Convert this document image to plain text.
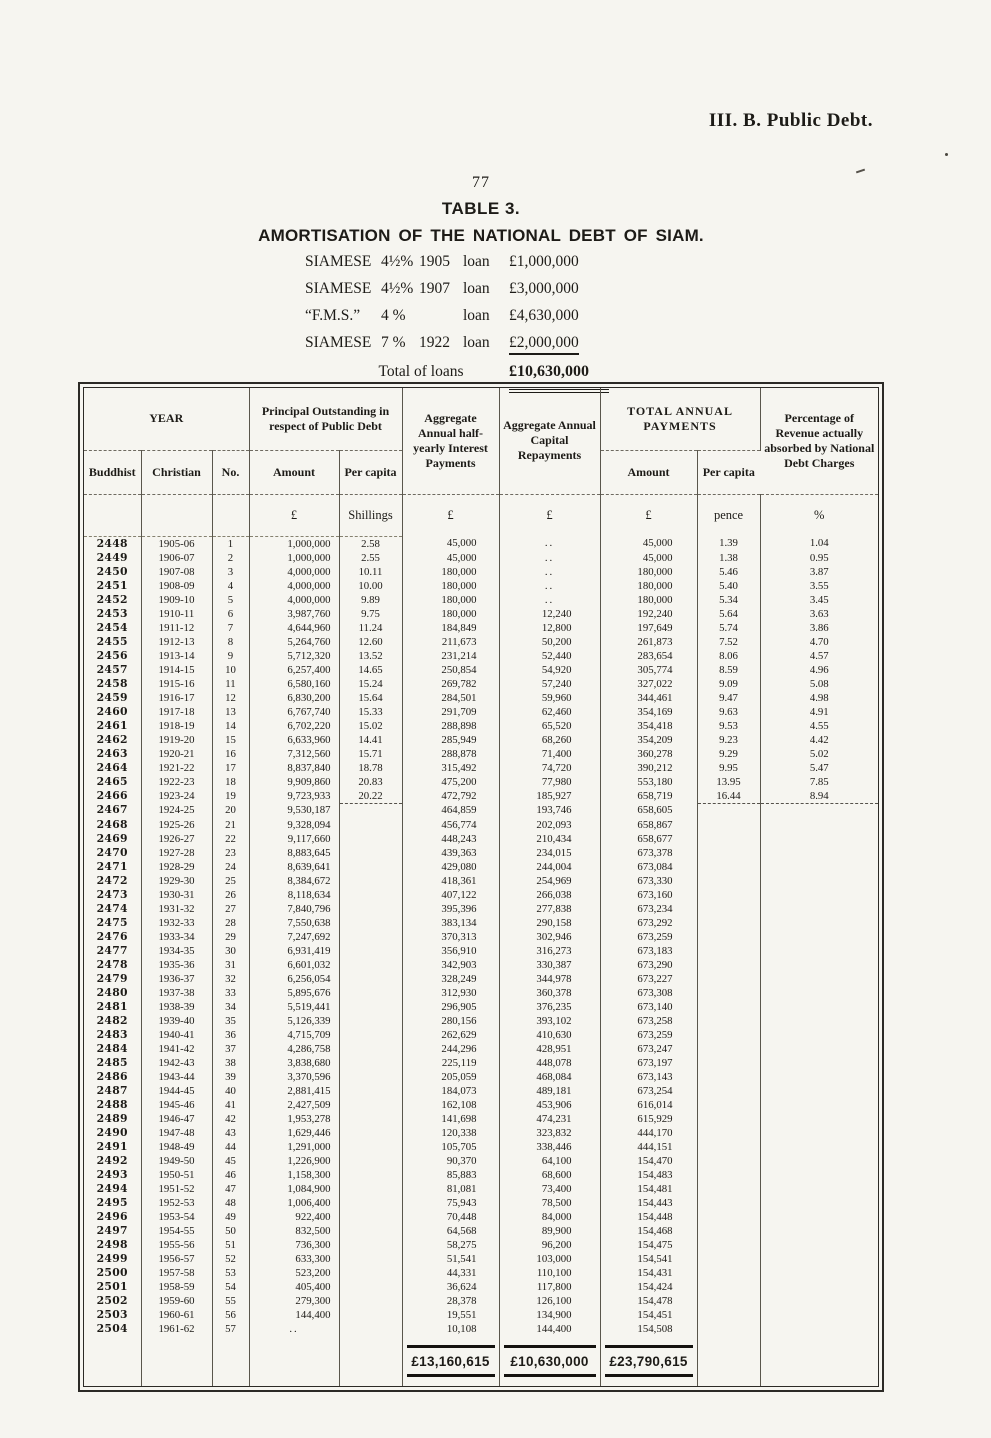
III. B. Public Debt.
77
TABLE 3.
AMORTISATION OF THE NATIONAL DEBT OF SIAM.
SIAMESE 4½% 1905 loan	£1,000,000
SIAMESE 4½% 1907 loan	£3,000,000
“F.M.S.”	4 %	loan	£4,630,000
SIAMESE 7 % 1922 loan	£2,000,000
Total of loans	£10,630,000
YEAR			Principal Outstanding in respect of Public Debt		Aggregate Annual half-yearly Interest Payments	Aggregate Annual Capital Repayments	TOTAL ANNUAL PAYMENTS		Percentage of Revenue actually absorbed by National Debt Charges
Buddhist	Christian	No.	Amount	Per capita			Amount	Per capita	
			£	Shillings	£	£	£	pence	%
2448	1905-06	1	1,000,000	2.58	45,000	..	45,000	1.39	1.04
2449	1906-07	2	1,000,000	2.55	45,000	..	45,000	1.38	0.95
2450	1907-08	3	4,000,000	10.11	180,000	..	180,000	5.46	3.87
2451	1908-09	4	4,000,000	10.00	180,000	..	180,000	5.40	3.55
2452	1909-10	5	4,000,000	9.89	180,000	..	180,000	5.34	3.45
2453	1910-11	6	3,987,760	9.75	180,000	12,240	192,240	5.64	3.63
2454	1911-12	7	4,644,960	11.24	184,849	12,800	197,649	5.74	3.86
2455	1912-13	8	5,264,760	12.60	211,673	50,200	261,873	7.52	4.70
2456	1913-14	9	5,712,320	13.52	231,214	52,440	283,654	8.06	4.57
2457	1914-15	10	6,257,400	14.65	250,854	54,920	305,774	8.59	4.96
2458	1915-16	11	6,580,160	15.24	269,782	57,240	327,022	9.09	5.08
2459	1916-17	12	6,830,200	15.64	284,501	59,960	344,461	9.47	4.98
2460	1917-18	13	6,767,740	15.33	291,709	62,460	354,169	9.63	4.91
2461	1918-19	14	6,702,220	15.02	288,898	65,520	354,418	9.53	4.55
2462	1919-20	15	6,633,960	14.41	285,949	68,260	354,209	9.23	4.42
2463	1920-21	16	7,312,560	15.71	288,878	71,400	360,278	9.29	5.02
2464	1921-22	17	8,837,840	18.78	315,492	74,720	390,212	9.95	5.47
2465	1922-23	18	9,909,860	20.83	475,200	77,980	553,180	13.95	7.85
2466	1923-24	19	9,723,933	20.22	472,792	185,927	658,719	16.44	8.94
2467	1924-25	20	9,530,187		464,859	193,746	658,605		
2468	1925-26	21	9,328,094		456,774	202,093	658,867		
2469	1926-27	22	9,117,660		448,243	210,434	658,677		
2470	1927-28	23	8,883,645		439,363	234,015	673,378		
2471	1928-29	24	8,639,641		429,080	244,004	673,084		
2472	1929-30	25	8,384,672		418,361	254,969	673,330		
2473	1930-31	26	8,118,634		407,122	266,038	673,160		
2474	1931-32	27	7,840,796		395,396	277,838	673,234		
2475	1932-33	28	7,550,638		383,134	290,158	673,292		
2476	1933-34	29	7,247,692		370,313	302,946	673,259		
2477	1934-35	30	6,931,419		356,910	316,273	673,183		
2478	1935-36	31	6,601,032		342,903	330,387	673,290		
2479	1936-37	32	6,256,054		328,249	344,978	673,227		
2480	1937-38	33	5,895,676		312,930	360,378	673,308		
2481	1938-39	34	5,519,441		296,905	376,235	673,140		
2482	1939-40	35	5,126,339		280,156	393,102	673,258		
2483	1940-41	36	4,715,709		262,629	410,630	673,259		
2484	1941-42	37	4,286,758		244,296	428,951	673,247		
2485	1942-43	38	3,838,680		225,119	448,078	673,197		
2486	1943-44	39	3,370,596		205,059	468,084	673,143		
2487	1944-45	40	2,881,415		184,073	489,181	673,254		
2488	1945-46	41	2,427,509		162,108	453,906	616,014		
2489	1946-47	42	1,953,278		141,698	474,231	615,929		
2490	1947-48	43	1,629,446		120,338	323,832	444,170		
2491	1948-49	44	1,291,000		105,705	338,446	444,151		
2492	1949-50	45	1,226,900		90,370	64,100	154,470		
2493	1950-51	46	1,158,300		85,883	68,600	154,483		
2494	1951-52	47	1,084,900		81,081	73,400	154,481		
2495	1952-53	48	1,006,400		75,943	78,500	154,443		
2496	1953-54	49	922,400		70,448	84,000	154,448		
2497	1954-55	50	832,500		64,568	89,900	154,468		
2498	1955-56	51	736,300		58,275	96,200	154,475		
2499	1956-57	52	633,300		51,541	103,000	154,541		
2500	1957-58	53	523,200		44,331	110,100	154,431		
2501	1958-59	54	405,400		36,624	117,800	154,424		
2502	1959-60	55	279,300		28,378	126,100	154,478		
2503	1960-61	56	144,400		19,551	134,900	154,451		
2504	1961-62	57	..		10,108	144,400	154,508		

					£13,160,615	£10,630,000	£23,790,615		
